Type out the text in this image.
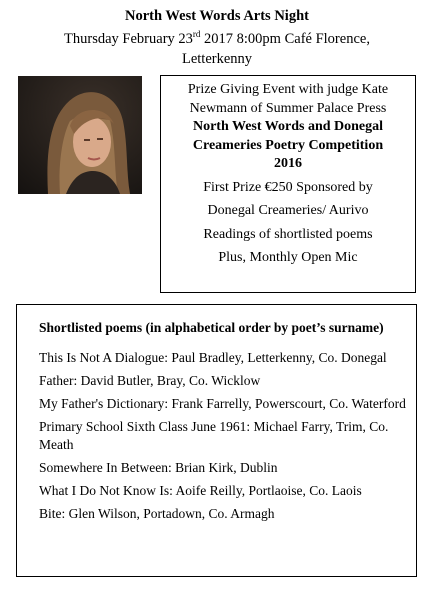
North West Words Arts Night
Thursday February 23rd 2017 8:00pm Café Florence,
Letterkenny
Prize Giving Event with judge Kate
Newmann of Summer Palace Press
North West Words and Donegal
Creameries Poetry Competition
2016
First Prize €250 Sponsored by
Donegal Creameries/ Aurivo
Readings of shortlisted poems
Plus, Monthly Open Mic
Shortlisted poems (in alphabetical order by poet’s surname)
This Is Not A Dialogue: Paul Bradley, Letterkenny, Co. Donegal
Father: David Butler, Bray, Co. Wicklow
My Father's Dictionary: Frank Farrelly, Powerscourt, Co. Waterford
Primary School Sixth Class June 1961: Michael Farry, Trim, Co. Meath
Somewhere In Between: Brian Kirk, Dublin
What I Do Not Know Is: Aoife Reilly, Portlaoise, Co. Laois
Bite: Glen Wilson, Portadown, Co. Armagh
